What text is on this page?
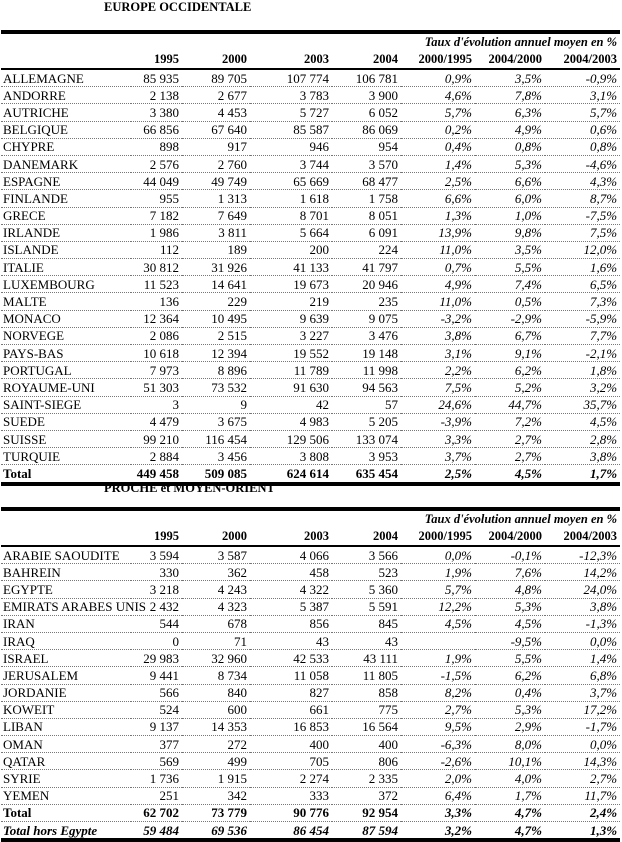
EUROPE OCCIDENTALE
					Taux d'évolution annuel moyen en %		
	1995	2000	2003	2004	2000/1995	2004/2000	2004/2003
ALLEMAGNE	85 935	89 705	107 774	106 781	0,9%	3,5%	-0,9%
ANDORRE	2 138	2 677	3 783	3 900	4,6%	7,8%	3,1%
AUTRICHE	3 380	4 453	5 727	6 052	5,7%	6,3%	5,7%
BELGIQUE	66 856	67 640	85 587	86 069	0,2%	4,9%	0,6%
CHYPRE	898	917	946	954	0,4%	0,8%	0,8%
DANEMARK	2 576	2 760	3 744	3 570	1,4%	5,3%	-4,6%
ESPAGNE	44 049	49 749	65 669	68 477	2,5%	6,6%	4,3%
FINLANDE	955	1 313	1 618	1 758	6,6%	6,0%	8,7%
GRECE	7 182	7 649	8 701	8 051	1,3%	1,0%	-7,5%
IRLANDE	1 986	3 811	5 664	6 091	13,9%	9,8%	7,5%
ISLANDE	112	189	200	224	11,0%	3,5%	12,0%
ITALIE	30 812	31 926	41 133	41 797	0,7%	5,5%	1,6%
LUXEMBOURG	11 523	14 641	19 673	20 946	4,9%	7,4%	6,5%
MALTE	136	229	219	235	11,0%	0,5%	7,3%
MONACO	12 364	10 495	9 639	9 075	-3,2%	-2,9%	-5,9%
NORVEGE	2 086	2 515	3 227	3 476	3,8%	6,7%	7,7%
PAYS-BAS	10 618	12 394	19 552	19 148	3,1%	9,1%	-2,1%
PORTUGAL	7 973	8 896	11 789	11 998	2,2%	6,2%	1,8%
ROYAUME-UNI	51 303	73 532	91 630	94 563	7,5%	5,2%	3,2%
SAINT-SIEGE	3	9	42	57	24,6%	44,7%	35,7%
SUEDE	4 479	3 675	4 983	5 205	-3,9%	7,2%	4,5%
SUISSE	99 210	116 454	129 506	133 074	3,3%	2,7%	2,8%
TURQUIE	2 884	3 456	3 808	3 953	3,7%	2,7%	3,8%
Total	449 458	509 085	624 614	635 454	2,5%	4,5%	1,7%
PROCHE et MOYEN-ORIENT
					Taux d'évolution annuel moyen en %		
	1995	2000	2003	2004	2000/1995	2004/2000	2004/2003
ARABIE SAOUDITE	3 594	3 587	4 066	3 566	0,0%	-0,1%	-12,3%
BAHREIN	330	362	458	523	1,9%	7,6%	14,2%
EGYPTE	3 218	4 243	4 322	5 360	5,7%	4,8%	24,0%
EMIRATS ARABES UNIS	2 432	4 323	5 387	5 591	12,2%	5,3%	3,8%
IRAN	544	678	856	845	4,5%	4,5%	-1,3%
IRAQ	0	71	43	43		-9,5%	0,0%
ISRAEL	29 983	32 960	42 533	43 111	1,9%	5,5%	1,4%
JERUSALEM	9 441	8 734	11 058	11 805	-1,5%	6,2%	6,8%
JORDANIE	566	840	827	858	8,2%	0,4%	3,7%
KOWEIT	524	600	661	775	2,7%	5,3%	17,2%
LIBAN	9 137	14 353	16 853	16 564	9,5%	2,9%	-1,7%
OMAN	377	272	400	400	-6,3%	8,0%	0,0%
QATAR	569	499	705	806	-2,6%	10,1%	14,3%
SYRIE	1 736	1 915	2 274	2 335	2,0%	4,0%	2,7%
YEMEN	251	342	333	372	6,4%	1,7%	11,7%
Total	62 702	73 779	90 776	92 954	3,3%	4,7%	2,4%
Total hors Egypte	59 484	69 536	86 454	87 594	3,2%	4,7%	1,3%
